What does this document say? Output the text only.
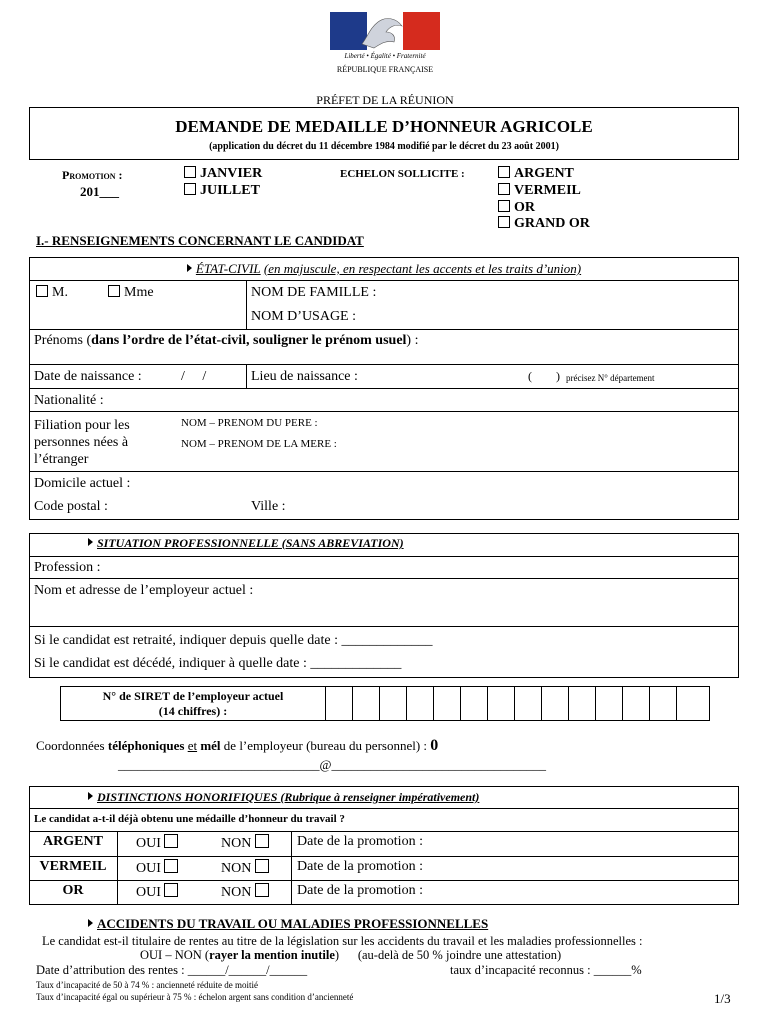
Liberté • Égalité • Fraternité
RÉPUBLIQUE FRANÇAISE
PRÉFET DE LA RÉUNION
DEMANDE DE MEDAILLE D’HONNEUR AGRICOLE
(application du décret du 11 décembre 1984 modifié par le décret du 23 août 2001)
Promotion :
201___
JANVIER
JUILLET
ECHELON SOLLICITE :	ARGENT
VERMEIL
OR
GRAND OR
I.- RENSEIGNEMENTS CONCERNANT LE CANDIDAT
ÉTAT-CIVIL (en majuscule, en respectant les accents et les traits d’union)
M.	Mme	NOM DE FAMILLE :
NOM D’USAGE :
Prénoms (dans l’ordre de l’état-civil, souligner le prénom usuel) :
Date de naissance :	/     /	Lieu de naissance :	(        ) précisez N° département
Nationalité :
Filiation pour les personnes nées à l’étranger
NOM – PRENOM DU PERE :
NOM – PRENOM DE LA MERE :
Domicile actuel :
Code postal :	Ville :
SITUATION PROFESSIONNELLE (SANS ABREVIATION)
Profession :
Nom et adresse de l’employeur actuel :
Si le candidat est retraité, indiquer depuis quelle date : _____________
Si le candidat est décédé, indiquer à quelle date : _____________
N° de SIRET de l’employeur actuel
(14 chiffres) :
Coordonnées téléphoniques et mél de l’employeur (bureau du personnel) : 0
_______________________________@_________________________________
DISTINCTIONS HONORIFIQUES (Rubrique à renseigner impérativement)
Le candidat a-t-il déjà obtenu une médaille d’honneur du travail ?
ARGENT	OUI	NON	Date de la promotion :
VERMEIL	OUI	NON	Date de la promotion :
OR	OUI	NON	Date de la promotion :
ACCIDENTS DU TRAVAIL OU MALADIES PROFESSIONNELLES
Le candidat est-il titulaire de rentes au titre de la législation sur les accidents du travail et les maladies professionnelles :
OUI – NON (rayer la mention inutile)      (au-delà de 50 % joindre une attestation)
Date d’attribution des rentes : ______/______/______	taux d’incapacité reconnus : ______%
Taux d’incapacité de 50 à 74 % : ancienneté réduite de moitié
Taux d’incapacité égal ou supérieur à 75 % : échelon argent sans condition d’ancienneté	1/3
